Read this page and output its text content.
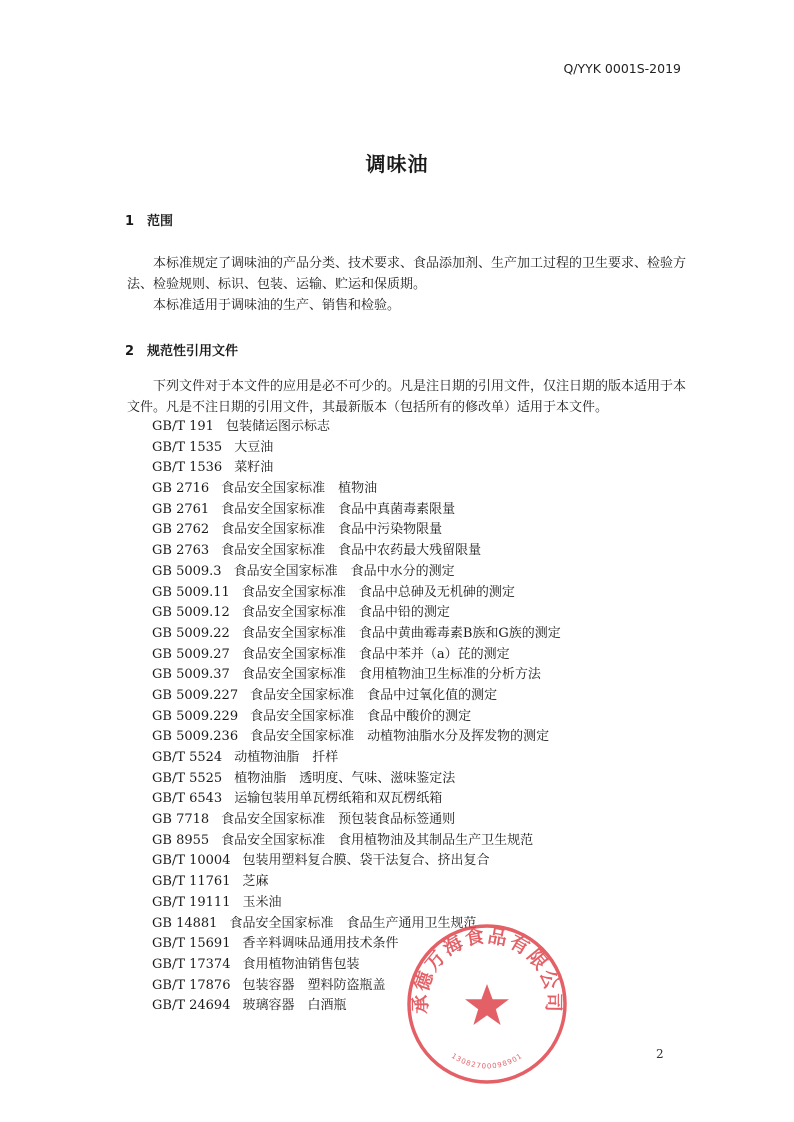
Q/YYK 0001S-2019
调味油
1 范围

本标准规定了调味油的产品分类、技术要求、食品添加剂、生产加工过程的卫生要求、检验方法、检验规则、标识、包装、运输、贮运和保质期。

本标准适用于调味油的生产、销售和检验。

2 规范性引用文件

下列文件对于本文件的应用是必不可少的。凡是注日期的引用文件，仅注日期的版本适用于本文件。凡是不注日期的引用文件，其最新版本（包括所有的修改单）适用于本文件。

GB/T 191 包装储运图示标志
GB/T 1535 大豆油
GB/T 1536 菜籽油
GB 2716 食品安全国家标准　植物油
GB 2761 食品安全国家标准　食品中真菌毒素限量
GB 2762 食品安全国家标准　食品中污染物限量
GB 2763 食品安全国家标准　食品中农药最大残留限量
GB 5009.3 食品安全国家标准　食品中水分的测定
GB 5009.11 食品安全国家标准　食品中总砷及无机砷的测定
GB 5009.12 食品安全国家标准　食品中铅的测定
GB 5009.22 食品安全国家标准　食品中黄曲霉毒素B族和G族的测定
GB 5009.27 食品安全国家标准　食品中苯并（a）芘的测定
GB 5009.37 食品安全国家标准　食用植物油卫生标准的分析方法
GB 5009.227 食品安全国家标准　食品中过氧化值的测定
GB 5009.229 食品安全国家标准　食品中酸价的测定
GB 5009.236 食品安全国家标准　动植物油脂水分及挥发物的测定
GB/T 5524 动植物油脂　扦样
GB/T 5525 植物油脂　透明度、气味、滋味鉴定法
GB/T 6543 运输包装用单瓦楞纸箱和双瓦楞纸箱
GB 7718 食品安全国家标准　预包装食品标签通则
GB 8955 食品安全国家标准　食用植物油及其制品生产卫生规范
GB/T 10004 包装用塑料复合膜、袋干法复合、挤出复合
GB/T 11761 芝麻
GB/T 19111 玉米油
GB 14881 食品安全国家标准　食品生产通用卫生规范
GB/T 15691 香辛料调味品通用技术条件
GB/T 17374 食用植物油销售包装
GB/T 17876 包装容器　塑料防盗瓶盖
GB/T 24694 玻璃容器　白酒瓶	承德万海食品有限公司
13082700098901	2
